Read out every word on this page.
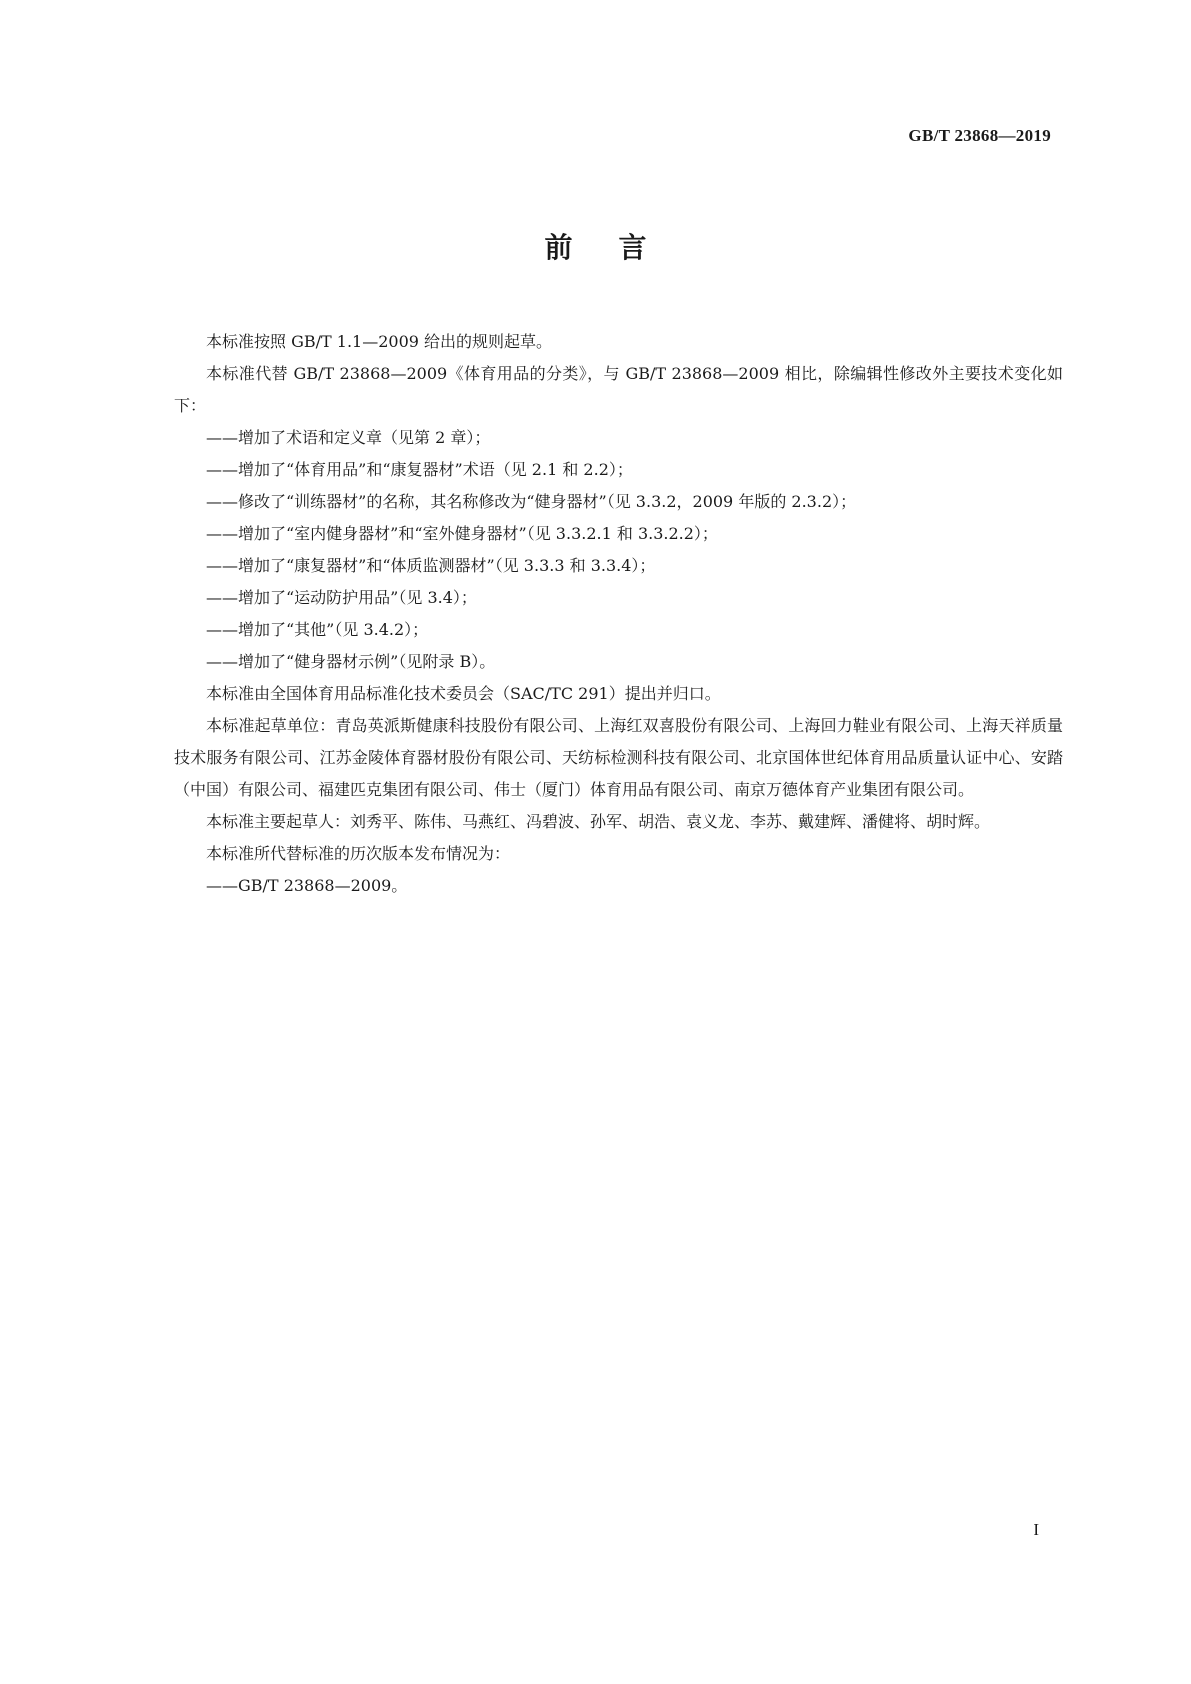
GB/T 23868—2019
前言

本标准按照 GB/T 1.1—2009 给出的规则起草。

本标准代替 GB/T 23868—2009《体育用品的分类》，与 GB/T 23868—2009 相比，除编辑性修改外主要技术变化如下：

——增加了术语和定义章（见第 2 章）；

——增加了“体育用品”和“康复器材”术语（见 2.1 和 2.2）；

——修改了“训练器材”的名称，其名称修改为“健身器材”（见 3.3.2，2009 年版的 2.3.2）；

——增加了“室内健身器材”和“室外健身器材”（见 3.3.2.1 和 3.3.2.2）；

——增加了“康复器材”和“体质监测器材”（见 3.3.3 和 3.3.4）；

——增加了“运动防护用品”（见 3.4）；

——增加了“其他”（见 3.4.2）；

——增加了“健身器材示例”（见附录 B）。

本标准由全国体育用品标准化技术委员会（SAC/TC 291）提出并归口。

本标准起草单位：青岛英派斯健康科技股份有限公司、上海红双喜股份有限公司、上海回力鞋业有限公司、上海天祥质量技术服务有限公司、江苏金陵体育器材股份有限公司、天纺标检测科技有限公司、北京国体世纪体育用品质量认证中心、安踏（中国）有限公司、福建匹克集团有限公司、伟士（厦门）体育用品有限公司、南京万德体育产业集团有限公司。

本标准主要起草人：刘秀平、陈伟、马燕红、冯碧波、孙军、胡浩、袁义龙、李苏、戴建辉、潘健将、胡时辉。

本标准所代替标准的历次版本发布情况为：

——GB/T 23868—2009。

I
